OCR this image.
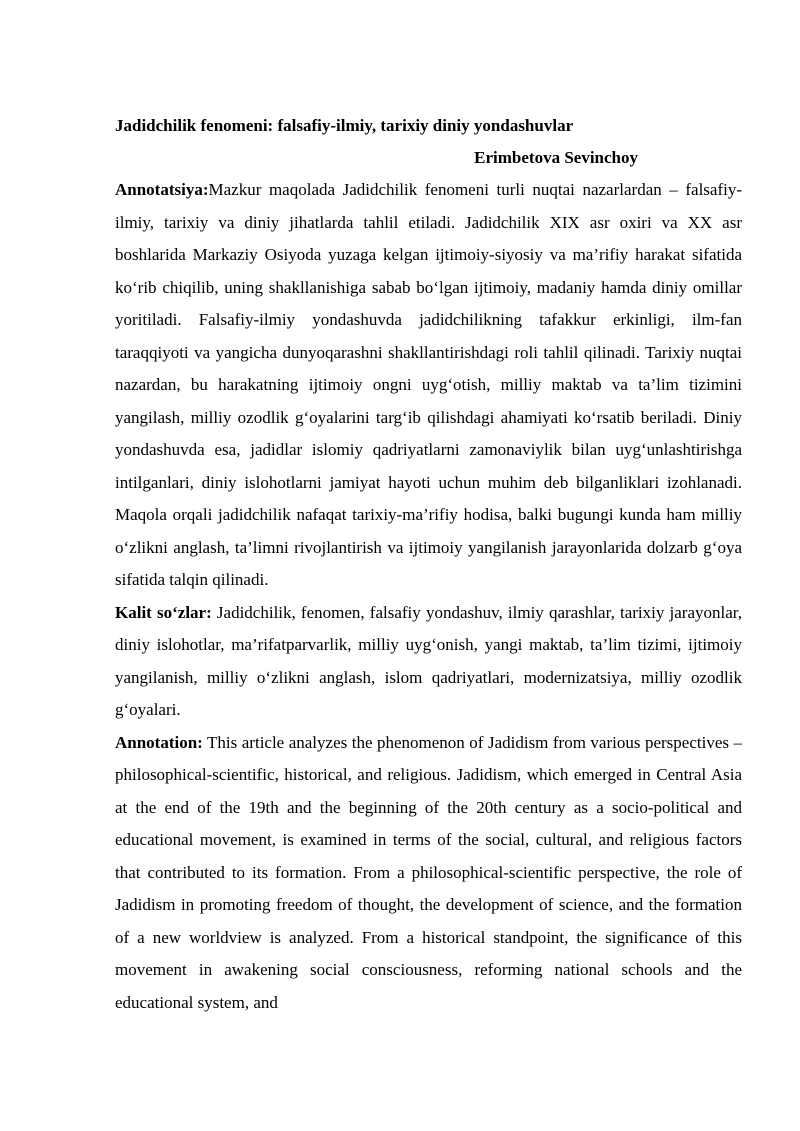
Jadidchilik fenomeni: falsafiy-ilmiy, tarixiy diniy yondashuvlar

Erimbetova Sevinchoy

Annotatsiya:Mazkur maqolada Jadidchilik fenomeni turli nuqtai nazarlardan – falsafiy-ilmiy, tarixiy va diniy jihatlarda tahlil etiladi. Jadidchilik XIX asr oxiri va XX asr boshlarida Markaziy Osiyoda yuzaga kelgan ijtimoiy-siyosiy va ma’rifiy harakat sifatida ko‘rib chiqilib, uning shakllanishiga sabab bo‘lgan ijtimoiy, madaniy hamda diniy omillar yoritiladi. Falsafiy-ilmiy yondashuvda jadidchilikning tafakkur erkinligi, ilm-fan taraqqiyoti va yangicha dunyoqarashni shakllantirishdagi roli tahlil qilinadi. Tarixiy nuqtai nazardan, bu harakatning ijtimoiy ongni uyg‘otish, milliy maktab va ta’lim tizimini yangilash, milliy ozodlik g‘oyalarini targ‘ib qilishdagi ahamiyati ko‘rsatib beriladi. Diniy yondashuvda esa, jadidlar islomiy qadriyatlarni zamonaviylik bilan uyg‘unlashtirishga intilganlari, diniy islohotlarni jamiyat hayoti uchun muhim deb bilganliklari izohlanadi. Maqola orqali jadidchilik nafaqat tarixiy-ma’rifiy hodisa, balki bugungi kunda ham milliy o‘zlikni anglash, ta’limni rivojlantirish va ijtimoiy yangilanish jarayonlarida dolzarb g‘oya sifatida talqin qilinadi.

Kalit so‘zlar: Jadidchilik, fenomen, falsafiy yondashuv, ilmiy qarashlar, tarixiy jarayonlar, diniy islohotlar, ma’rifatparvarlik, milliy uyg‘onish, yangi maktab, ta’lim tizimi, ijtimoiy yangilanish, milliy o‘zlikni anglash, islom qadriyatlari, modernizatsiya, milliy ozodlik g‘oyalari.

Annotation: This article analyzes the phenomenon of Jadidism from various perspectives – philosophical-scientific, historical, and religious. Jadidism, which emerged in Central Asia at the end of the 19th and the beginning of the 20th century as a socio-political and educational movement, is examined in terms of the social, cultural, and religious factors that contributed to its formation. From a philosophical-scientific perspective, the role of Jadidism in promoting freedom of thought, the development of science, and the formation of a new worldview is analyzed. From a historical standpoint, the significance of this movement in awakening social consciousness, reforming national schools and the educational system, and
